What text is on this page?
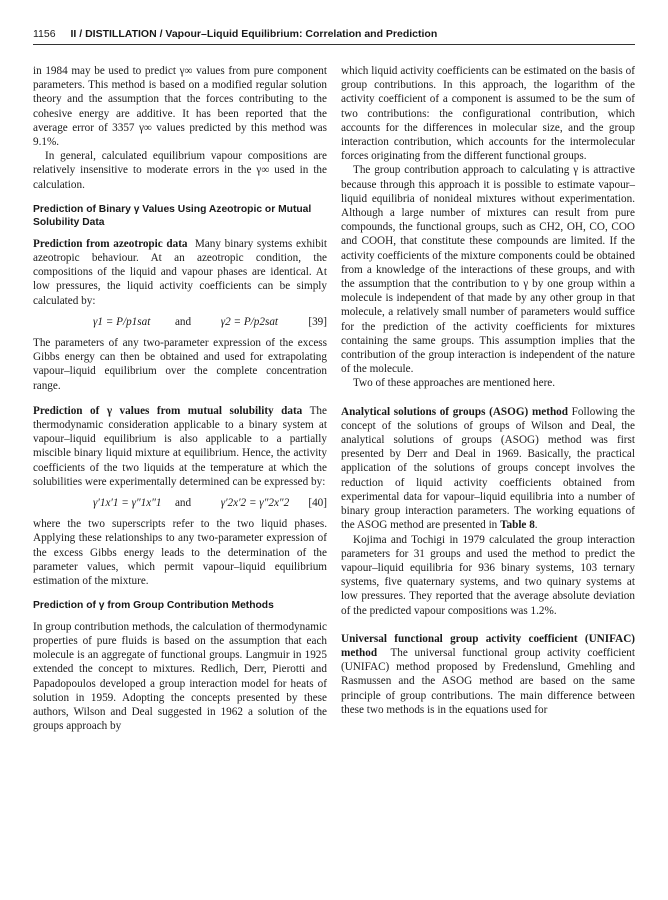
1156 II / DISTILLATION / Vapour–Liquid Equilibrium: Correlation and Prediction

in 1984 may be used to predict γ∞ values from pure component parameters. This method is based on a modified regular solution theory and the assumption that the forces contributing to the cohesive energy are additive. It has been reported that the average error of 3357 γ∞ values predicted by this method was 9.1%.

In general, calculated equilibrium vapour compositions are relatively insensitive to moderate errors in the γ∞ used in the calculation.

Prediction of Binary γ Values Using Azeotropic or Mutual Solubility Data

Prediction from azeotropic data Many binary systems exhibit azeotropic behaviour. At an azeotropic condition, the compositions of the liquid and vapour phases are identical. At low pressures, the liquid activity coefficients can be simply calculated by:

γ1 = P/p1sat	and	γ2 = P/p2sat	[39]

The parameters of any two-parameter expression of the excess Gibbs energy can then be obtained and used for extrapolating vapour–liquid equilibrium over the complete concentration range.

Prediction of γ values from mutual solubility data The thermodynamic consideration applicable to a binary system at vapour–liquid equilibrium is also applicable to a partially miscible binary liquid mixture at equilibrium. Hence, the activity coefficients of the two liquids at the temperature at which the solubilities were experimentally determined can be expressed by:

γ′1x′1 = γ″1x″1	and	γ′2x′2 = γ″2x″2	[40]

where the two superscripts refer to the two liquid phases. Applying these relationships to any two-parameter expression of the excess Gibbs energy leads to the determination of the parameter values, which permit vapour–liquid equilibrium estimation of the mixture.

Prediction of γ from Group Contribution Methods

In group contribution methods, the calculation of thermodynamic properties of pure fluids is based on the assumption that each molecule is an aggregate of functional groups. Langmuir in 1925 extended the concept to mixtures. Redlich, Derr, Pierotti and Papadopoulos developed a group interaction model for heats of solution in 1959. Adopting the concepts presented by these authors, Wilson and Deal suggested in 1962 a solution of the groups approach by

which liquid activity coefficients can be estimated on the basis of group contributions. In this approach, the logarithm of the activity coefficient of a component is assumed to be the sum of two contributions: the configurational contribution, which accounts for the differences in molecular size, and the group interaction contribution, which accounts for the intermolecular forces originating from the different functional groups.

The group contribution approach to calculating γ is attractive because through this approach it is possible to estimate vapour–liquid equilibria of nonideal mixtures without experimentation. Although a large number of mixtures can result from pure compounds, the functional groups, such as CH2, OH, CO, COO and COOH, that constitute these compounds are limited. If the activity coefficients of the mixture components could be obtained from a knowledge of the interactions of these groups, and with the assumption that the contribution to γ by one group within a molecule is independent of that made by any other group in that molecule, a relatively small number of parameters would suffice for the prediction of the activity coefficients for mixtures containing the same groups. This assumption implies that the contribution of the group interaction is independent of the nature of the molecule.

Two of these approaches are mentioned here.

Analytical solutions of groups (ASOG) method Following the concept of the solutions of groups of Wilson and Deal, the analytical solutions of groups (ASOG) method was first presented by Derr and Deal in 1969. Basically, the practical application of the solutions of groups concept involves the reduction of liquid activity coefficients obtained from experimental data for vapour–liquid equilibria into a number of binary group interaction parameters. The working equations of the ASOG method are presented in Table 8.

Kojima and Tochigi in 1979 calculated the group interaction parameters for 31 groups and used the method to predict the vapour–liquid equilibria for 936 binary systems, 103 ternary systems, five quaternary systems, and two quinary systems at low pressures. They reported that the average absolute deviation of the predicted vapour compositions was 1.2%.

Universal functional group activity coefficient (UNIFAC) method The universal functional group activity coefficient (UNIFAC) method proposed by Fredenslund, Gmehling and Rasmussen and the ASOG method are based on the same principle of group contributions. The main difference between these two methods is in the equations used for
